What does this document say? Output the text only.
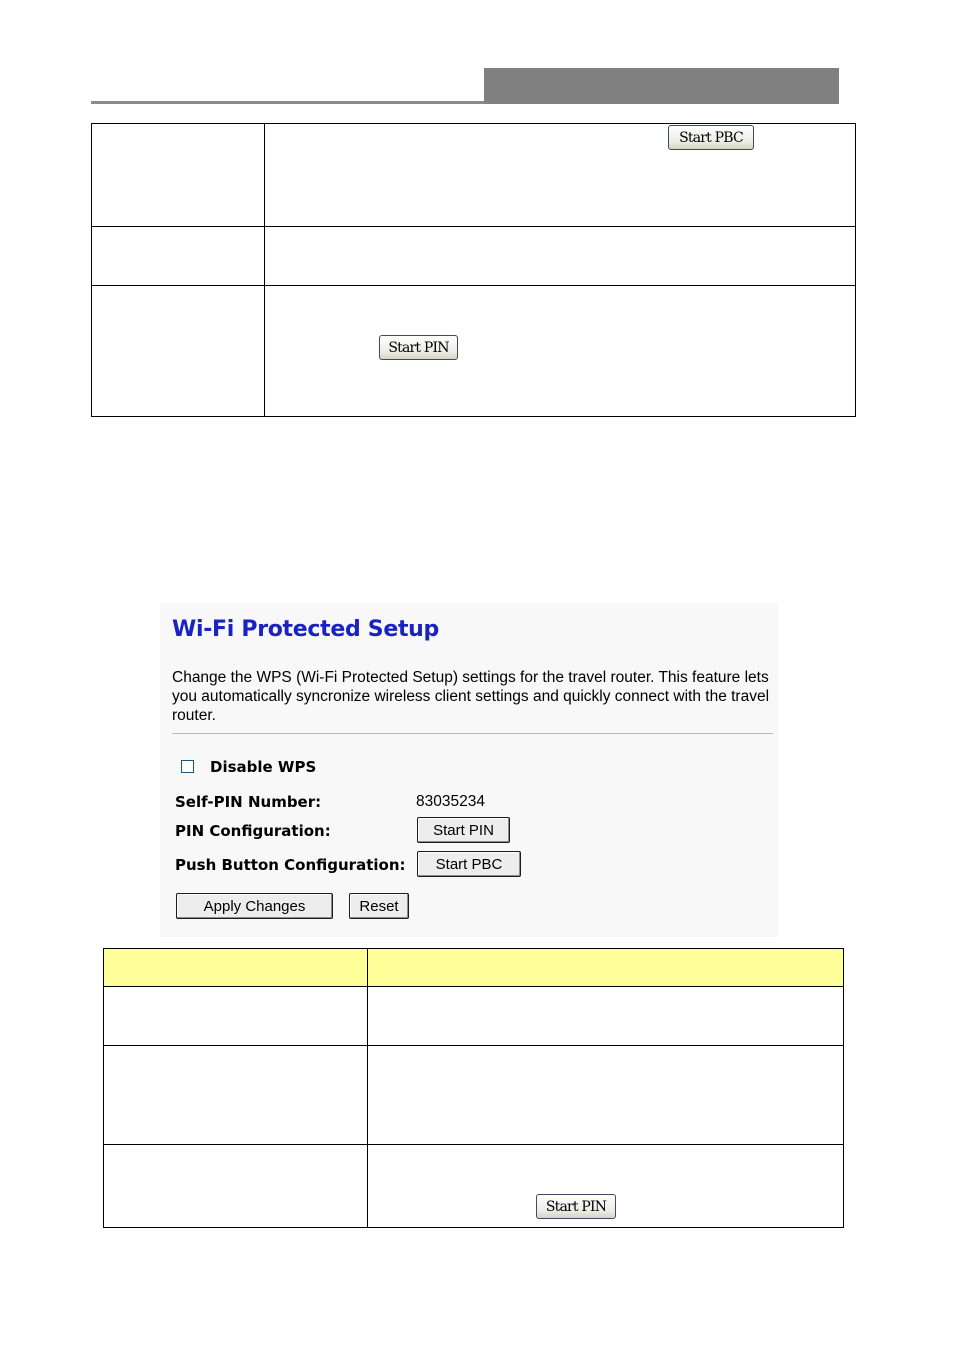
	Start PBC

	Start PIN
Wi-Fi Protected Setup
Change the WPS (Wi-Fi Protected Setup) settings for the travel router. This feature lets you automatically syncronize wireless client settings and quickly connect with the travel router.
Disable WPS
Self-PIN Number:	83035234
PIN Configuration:	Start PIN
Push Button Configuration:	Start PBC
Apply Changes	Reset

	Start PIN
